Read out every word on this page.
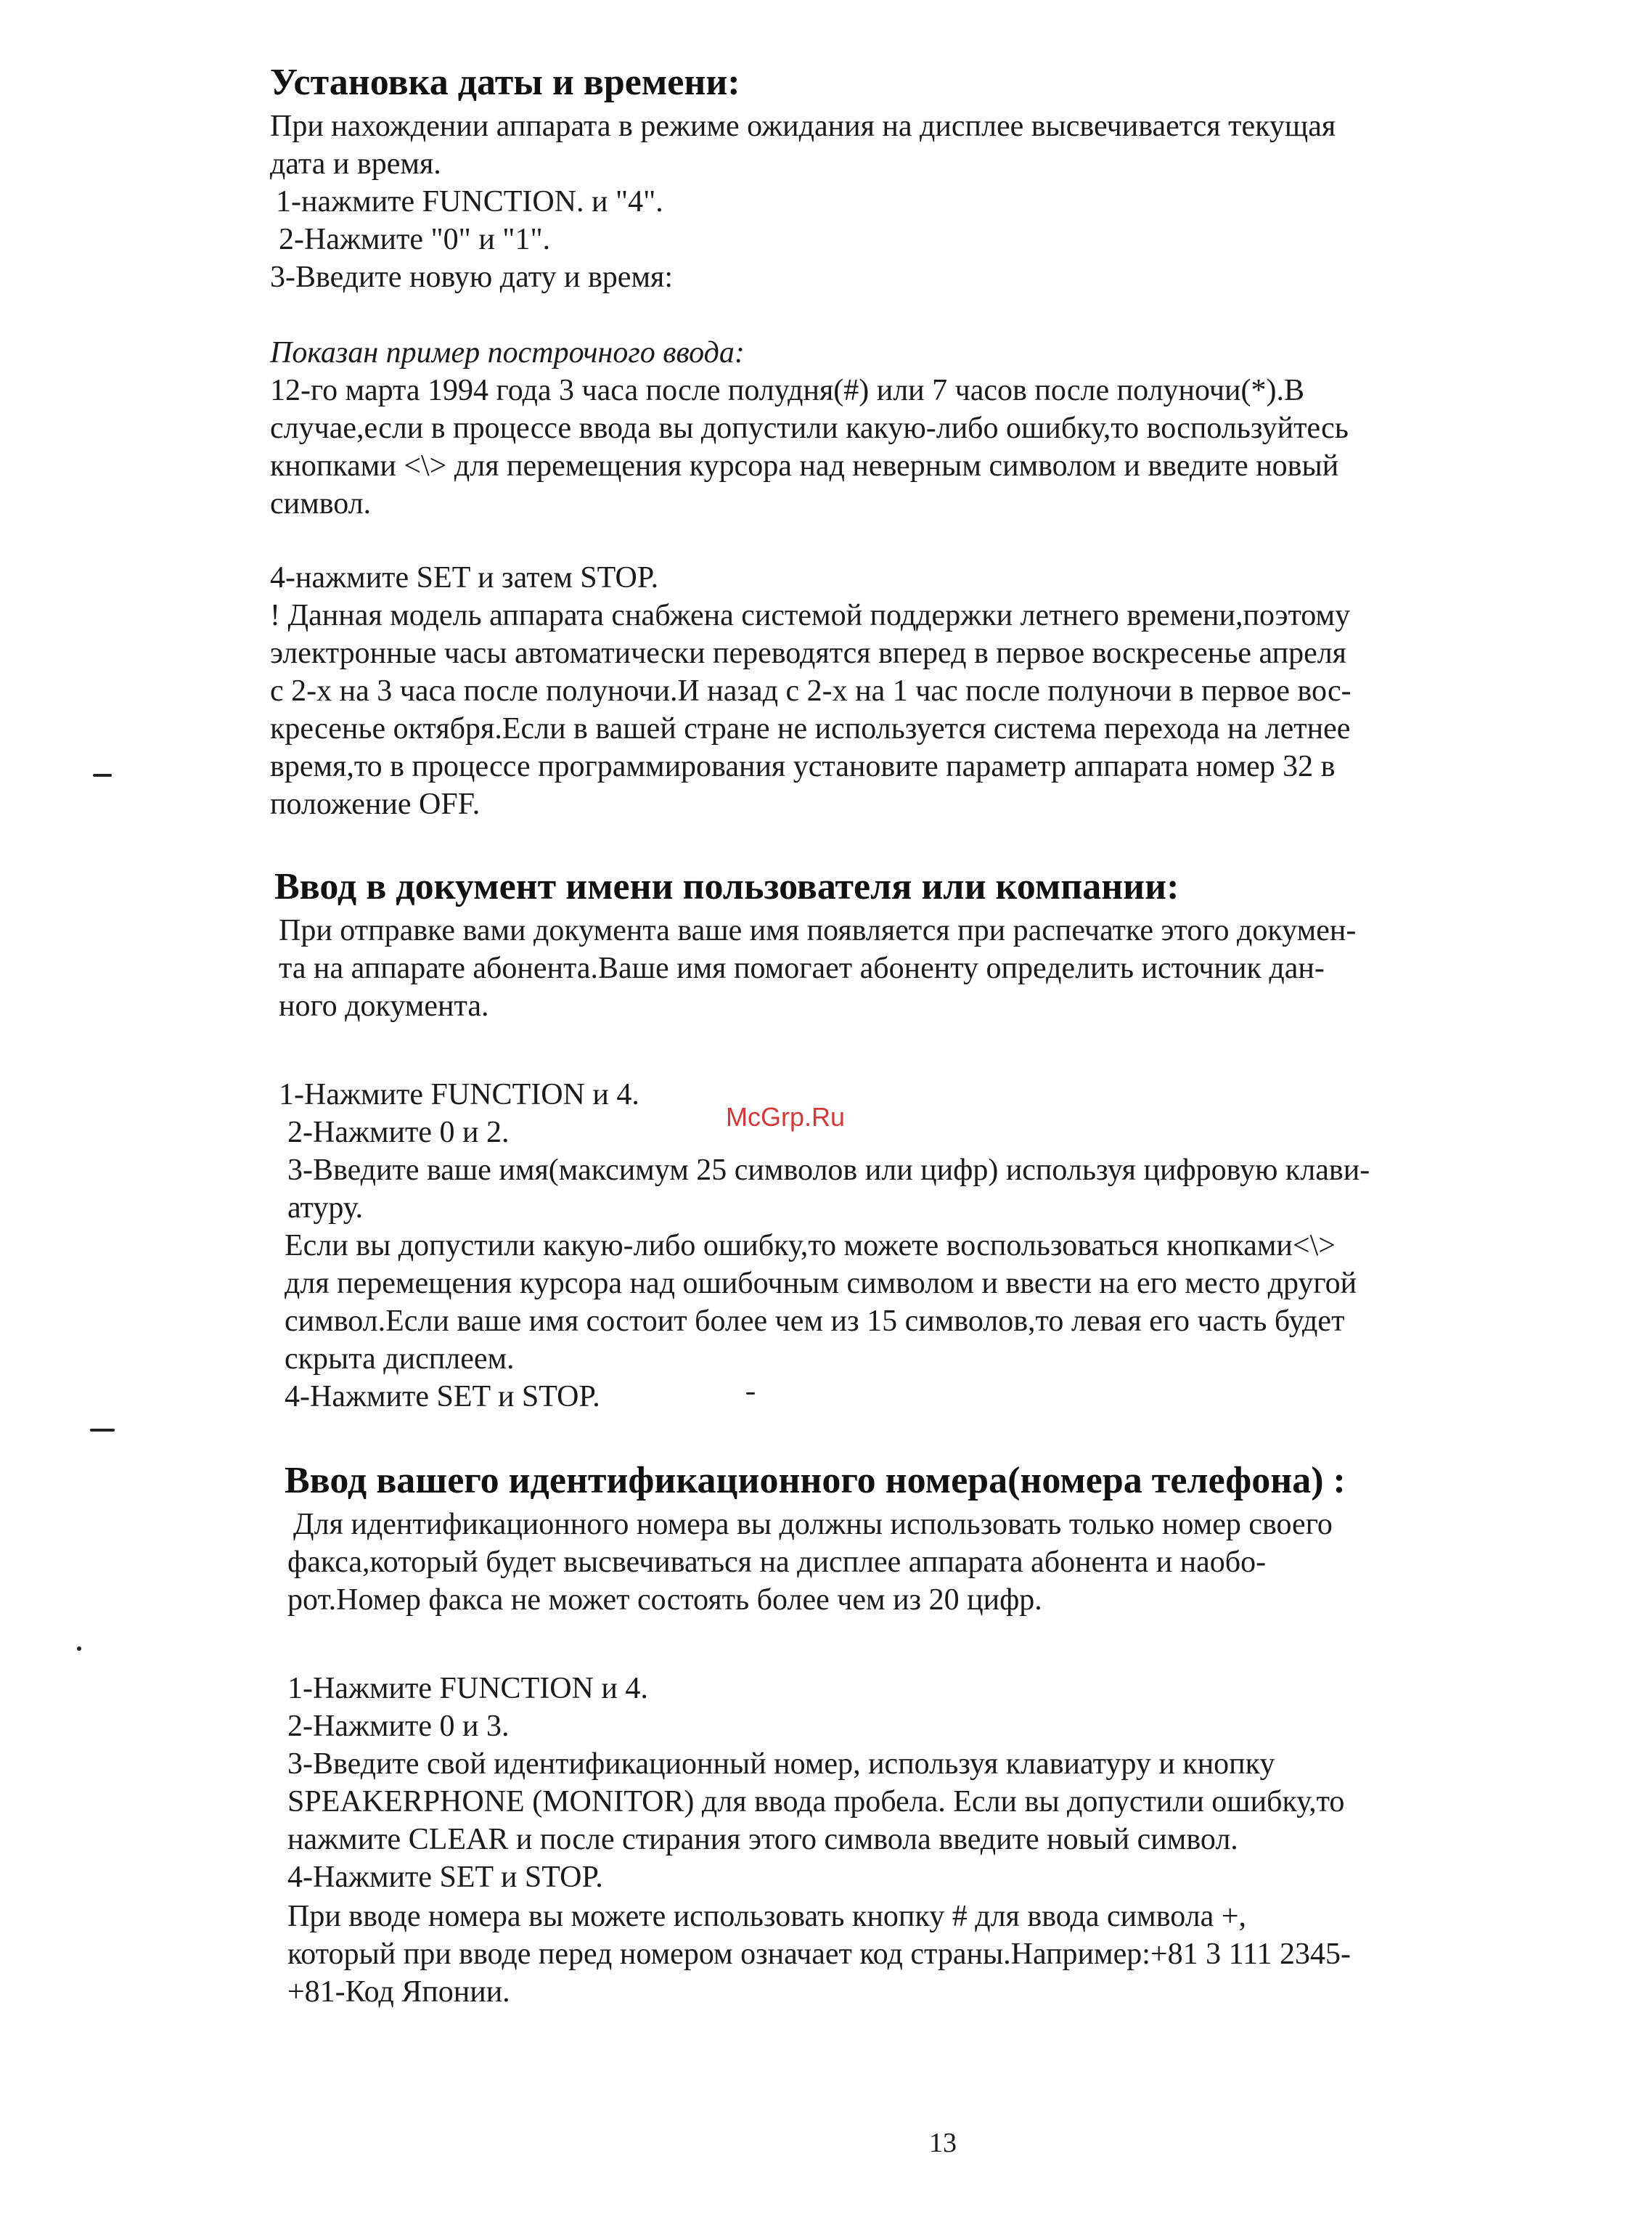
Установка даты и времени:

При нахождении аппарата в режиме ожидания на дисплее высвечивается текущая

дата и время.

1-нажмите FUNCTION. и "4".

2-Нажмите "0" и "1".

3-Введите новую дату и время:

Показан пример построчного ввода:

12-го марта 1994 года 3 часа после полудня(#) или 7 часов после полуночи(*).В

случае,если в процессе ввода вы допустили какую-либо ошибку,то воспользуйтесь

кнопками <\> для перемещения курсора над неверным символом и введите новый

символ.

4-нажмите SET и затем STOP.

! Данная модель аппарата снабжена системой поддержки летнего времени,поэтому

электронные часы автоматически переводятся вперед в первое воскресенье апреля

с 2-х на 3 часа после полуночи.И назад с 2-х на 1 час после полуночи в первое вос-

кресенье октября.Если в вашей стране не используется система перехода на летнее

время,то в процессе программирования установите параметр аппарата номер 32 в

положение OFF.

Ввод в документ имени пользователя или компании:

При отправке вами документа ваше имя появляется при распечатке этого докумен-

та на аппарате абонента.Ваше имя помогает абоненту определить источник дан-

ного документа.

1-Нажмите FUNCTION и 4.

2-Нажмите 0 и 2.

3-Введите ваше имя(максимум 25 символов или цифр) используя цифровую клави-

атуру.

Если вы допустили какую-либо ошибку,то можете воспользоваться кнопками<\>

для перемещения курсора над ошибочным символом и ввести на его место другой

символ.Если ваше имя состоит более чем из 15 символов,то левая его часть будет

скрыта дисплеем.

4-Нажмите SET и STOP.

Ввод вашего идентификационного номера(номера телефона) :

Для идентификационного номера вы должны использовать только номер своего

факса,который будет высвечиваться на дисплее аппарата абонента и наобо-

рот.Номер факса не может состоять более чем из 20 цифр.

1-Нажмите FUNCTION и 4.

2-Нажмите 0 и 3.

3-Введите свой идентификационный номер, используя клавиатуру и кнопку

SPEAKERPHONE (MONITOR) для ввода пробела. Если вы допустили ошибку,то

нажмите CLEAR и после стирания этого символа введите новый символ.

4-Нажмите SET и STOP.

При вводе номера вы можете использовать кнопку # для ввода символа +,

который при вводе перед номером означает код страны.Например:+81 3 111 2345-

+81-Код Японии.

McGrp.Ru
13
